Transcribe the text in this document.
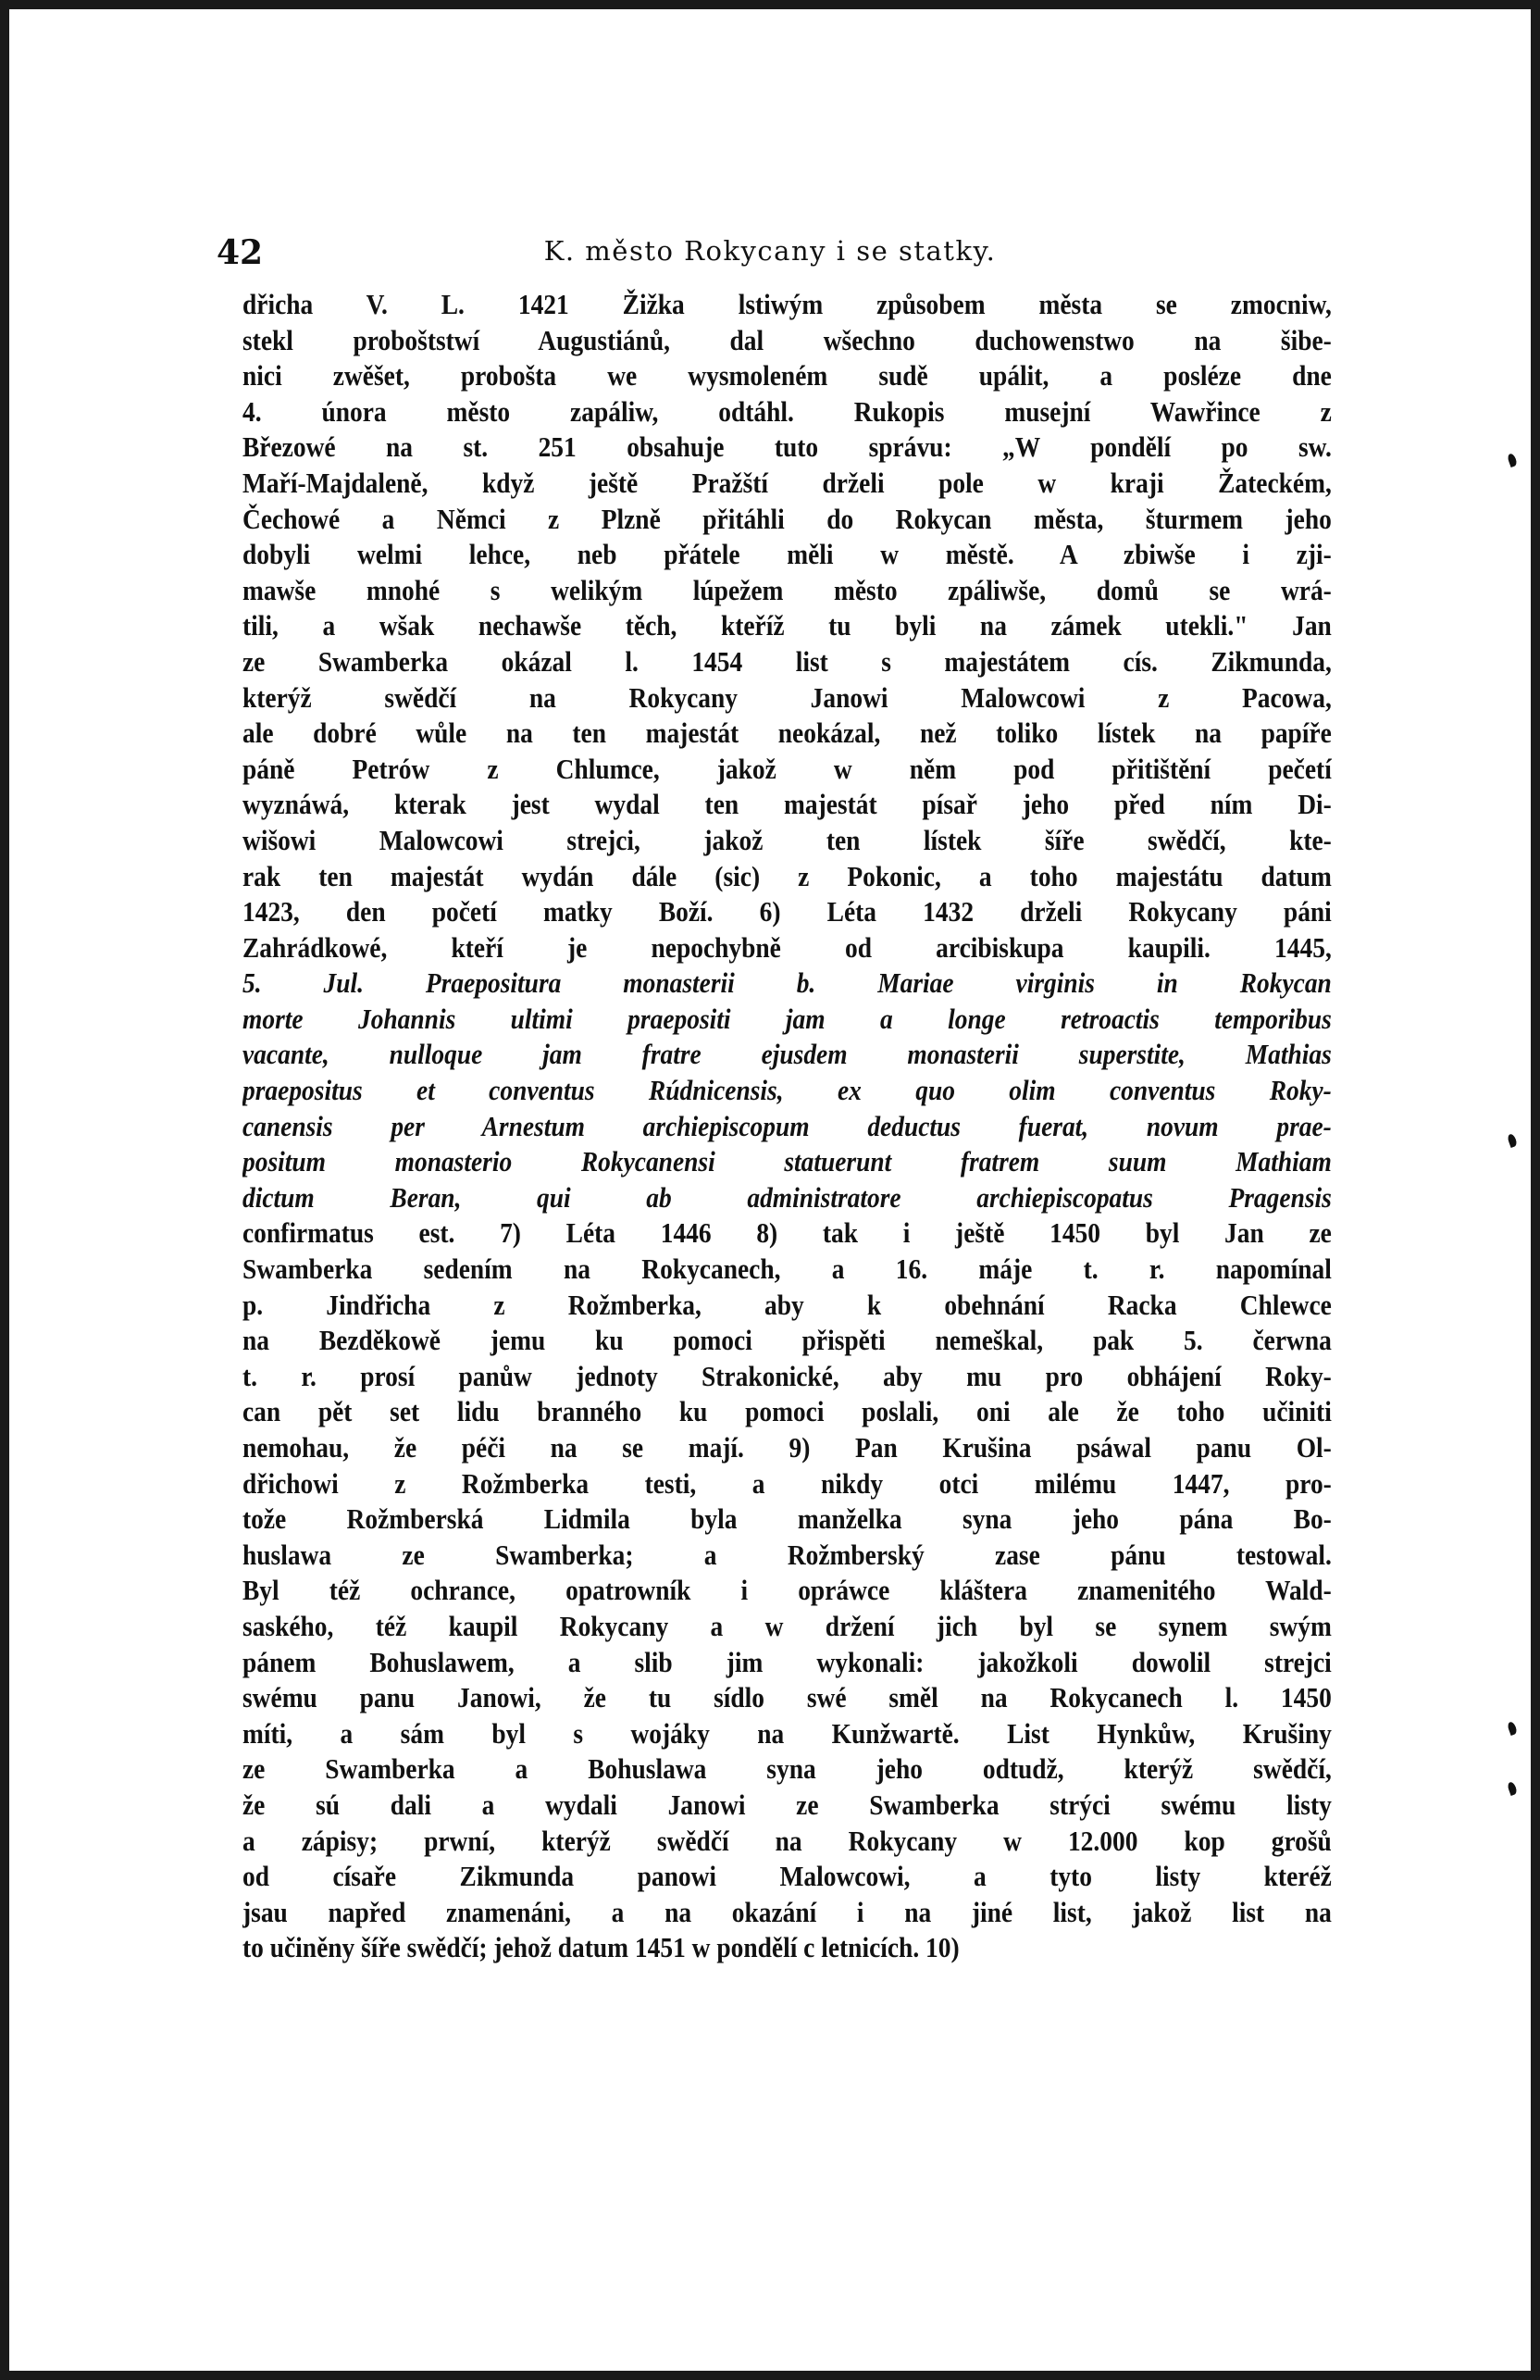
42	K. město Rokycany i se statky.
dřicha V. L. 1421 Žižka lstiwým způsobem města se zmocniw,
stekl proboštstwí Augustiánů, dal wšechno duchowenstwo na šibe-
nici zwěšet, probošta we wysmoleném sudě upálit, a posléze dne
4. února město zapáliw, odtáhl. Rukopis musejní Wawřince z
Březowé na st. 251 obsahuje tuto správu: „W pondělí po sw.
Maří-Majdaleně, když ještě Pražští drželi pole w kraji Žateckém,
Čechowé a Němci z Plzně přitáhli do Rokycan města, šturmem jeho
dobyli welmi lehce, neb přátele měli w městě. A zbiwše i zji-
mawše mnohé s welikým lúpežem město zpáliwše, domů se wrá-
tili, a wšak nechawše těch, kteříž tu byli na zámek utekli." Jan
ze Swamberka okázal l. 1454 list s majestátem cís. Zikmunda,
kterýž swědčí na Rokycany Janowi Malowcowi z Pacowa,
ale dobré wůle na ten majestát neokázal, než toliko lístek na papíře
páně Petrów z Chlumce, jakož w něm pod přitištění pečetí
wyznáwá, kterak jest wydal ten majestát písař jeho před ním Di-
wišowi Malowcowi strejci, jakož ten lístek šíře swědčí, kte-
rak ten majestát wydán dále (sic) z Pokonic, a toho majestátu datum
1423, den početí matky Boží. 6) Léta 1432 drželi Rokycany páni
Zahrádkowé, kteří je nepochybně od arcibiskupa kaupili. 1445,
5. Jul. Praepositura monasterii b. Mariae virginis in Rokycan
morte Johannis ultimi praepositi jam a longe retroactis temporibus
vacante, nulloque jam fratre ejusdem monasterii superstite, Mathias
praepositus et conventus Rúdnicensis, ex quo olim conventus Roky-
canensis per Arnestum archiepiscopum deductus fuerat, novum prae-
positum monasterio Rokycanensi statuerunt fratrem suum Mathiam
dictum Beran, qui ab administratore archiepiscopatus Pragensis
confirmatus est. 7) Léta 1446 8) tak i ještě 1450 byl Jan ze
Swamberka sedením na Rokycanech, a 16. máje t. r. napomínal
p. Jindřicha z Rožmberka, aby k obehnání Racka Chlewce
na Bezděkowě jemu ku pomoci přispěti nemeškal, pak 5. čerwna
t. r. prosí panůw jednoty Strakonické, aby mu pro obhájení Roky-
can pět set lidu branného ku pomoci poslali, oni ale že toho učiniti
nemohau, že péči na se mají. 9) Pan Krušina psáwal panu Ol-
dřichowi z Rožmberka testi, a nikdy otci milému 1447, pro-
tože Rožmberská Lidmila byla manželka syna jeho pána Bo-
huslawa ze Swamberka; a Rožmberský zase pánu testowal.
Byl též ochrance, opatrowník i opráwce kláštera znamenitého Wald-
saského, též kaupil Rokycany a w držení jich byl se synem swým
pánem Bohuslawem, a slib jim wykonali: jakožkoli dowolil strejci
swému panu Janowi, že tu sídlo swé směl na Rokycanech l. 1450
míti, a sám byl s wojáky na Kunžwartě. List Hynkůw, Krušiny
ze Swamberka a Bohuslawa syna jeho odtudž, kterýž swědčí,
že sú dali a wydali Janowi ze Swamberka strýci swému listy
a zápisy; prwní, kterýž swědčí na Rokycany w 12.000 kop grošů
od císaře Zikmunda panowi Malowcowi, a tyto listy kteréž
jsau napřed znamenáni, a na okazání i na jiné list, jakož list na
to učiněny šíře swědčí; jehož datum 1451 w pondělí c letnicích. 10)
